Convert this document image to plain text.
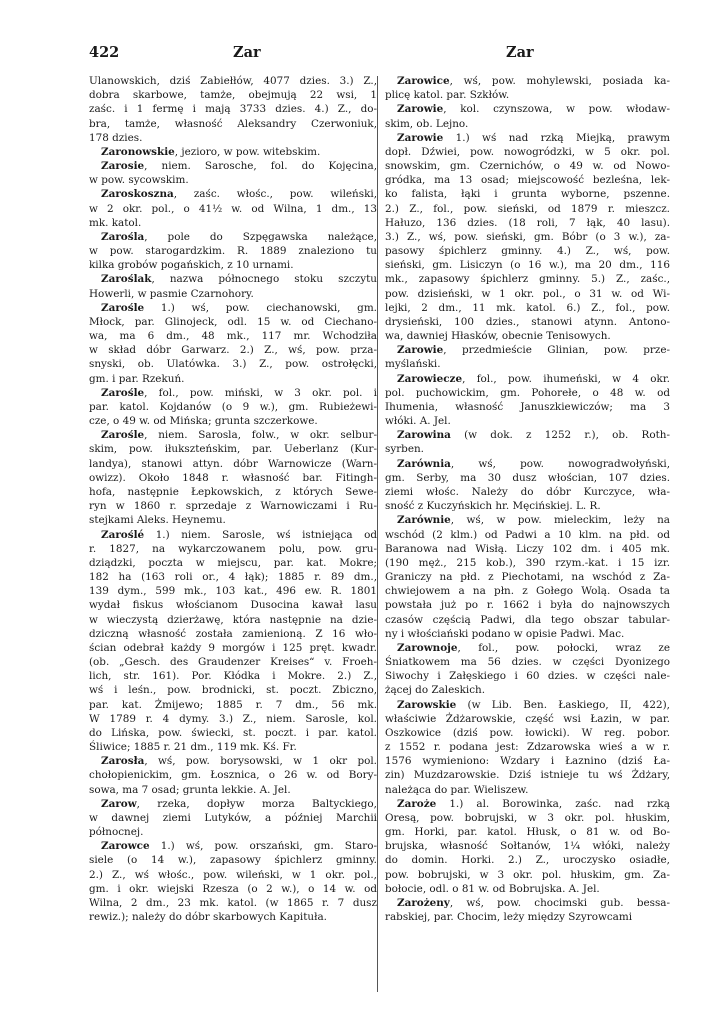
422	Zar	Zar
Ulanowskich, dziś Zabiełłów, 4077 dzies. 3.) Z.,
dobra skarbowe, tamże, obejmują 22 wsi, 1
zaśc. i 1 fermę i mają 3733 dzies. 4.) Z., do-
bra, tamże, własność Aleksandry Czerwoniuk,
178 dzies.
Zaronowskie, jezioro, w pow. witebskim.
Zarosie, niem. Sarosche, fol. do Kojęcina,
w pow. sycowskim.
Zaroskoszna, zaśc. włośc., pow. wileński,
w 2 okr. pol., o 41½ w. od Wilna, 1 dm., 13
mk. katol.
Zarośla, pole do Szpęgawska należące,
w pow. starogardzkim. R. 1889 znaleziono tu
kilka grobów pogańskich, z 10 urnami.
Zaroślak, nazwa północnego stoku szczytu
Howerli, w pasmie Czarnohory.
Zarośle 1.) wś, pow. ciechanowski, gm.
Młock, par. Glinojeck, odl. 15 w. od Ciechano-
wa, ma 6 dm., 48 mk., 117 mr. Wchodziła
w skład dóbr Garwarz. 2.) Z., wś, pow. prza-
snyski, ob. Ulatówka. 3.) Z., pow. ostrołęcki,
gm. i par. Rzekuń.
Zarośle, fol., pow. miński, w 3 okr. pol. i
par. katol. Kojdanów (o 9 w.), gm. Rubieżewi-
cze, o 49 w. od Mińska; grunta szczerkowe.
Zarośle, niem. Sarosla, folw., w okr. selbur-
skim, pow. iłukszteńskim, par. Ueberlanz (Kur-
landya), stanowi attyn. dóbr Warnowicze (Warn-
owizz). Około 1848 r. własność bar. Fitingh-
hofa, następnie Łepkowskich, z których Sewe-
ryn w 1860 r. sprzedaje z Warnowiczami i Ru-
stejkami Aleks. Heynemu.
Zaroślé 1.) niem. Sarosle, wś istniejąca od
r. 1827, na wykarczowanem polu, pow. gru-
dziądzki, poczta w miejscu, par. kat. Mokre;
182 ha (163 roli or., 4 łąk); 1885 r. 89 dm.,
139 dym., 599 mk., 103 kat., 496 ew. R. 1801
wydał fiskus włościanom Dusocina kawał lasu
w wieczystą dzierżawę, która następnie na dzie-
dziczną własność została zamienioną. Z 16 wło-
ścian odebrał każdy 9 morgów i 125 pręt. kwadr.
(ob. „Gesch. des Graudenzer Kreises“ v. Froeh-
lich, str. 161). Por. Kłódka i Mokre. 2.) Z.,
wś i leśn., pow. brodnicki, st. poczt. Zbiczno,
par. kat. Żmijewo; 1885 r. 7 dm., 56 mk.
W 1789 r. 4 dymy. 3.) Z., niem. Sarosle, kol.
do Lińska, pow. świecki, st. poczt. i par. katol.
Śliwice; 1885 r. 21 dm., 119 mk. Kś. Fr.
Zarosła, wś, pow. borysowski, w 1 okr pol.
chołopienickim, gm. Łosznica, o 26 w. od Bory-
sowa, ma 7 osad; grunta lekkie. A. Jel.
Zarow, rzeka, dopływ morza Baltyckiego,
w dawnej ziemi Lutyków, a później Marchii
północnej.
Zarowce 1.) wś, pow. orszański, gm. Staro-
siele (o 14 w.), zapasowy śpichlerz gminny.
2.) Z., wś włośc., pow. wileński, w 1 okr. pol.,
gm. i okr. wiejski Rzesza (o 2 w.), o 14 w. od
Wilna, 2 dm., 23 mk. katol. (w 1865 r. 7 dusz
rewiz.); należy do dóbr skarbowych Kapituła.
Zarowice, wś, pow. mohylewski, posiada ka-
plicę katol. par. Szkłów.
Zarowie, kol. czynszowa, w pow. włodaw-
skim, ob. Lejno.
Zarowie 1.) wś nad rzką Miejką, prawym
dopł. Dźwiei, pow. nowogródzki, w 5 okr. pol.
snowskim, gm. Czernichów, o 49 w. od Nowo-
gródka, ma 13 osad; miejscowość bezleśna, lek-
ko falista, łąki i grunta wyborne, pszenne.
2.) Z., fol., pow. sieński, od 1879 r. mieszcz.
Hałuzo, 136 dzies. (18 roli, 7 łąk, 40 lasu).
3.) Z., wś, pow. sieński, gm. Bóbr (o 3 w.), za-
pasowy śpichlerz gminny. 4.) Z., wś, pow.
sieński, gm. Lisiczyn (o 16 w.), ma 20 dm., 116
mk., zapasowy śpichlerz gminny. 5.) Z., zaśc.,
pow. dzisieński, w 1 okr. pol., o 31 w. od Wi-
lejki, 2 dm., 11 mk. katol. 6.) Z., fol., pow.
drysieński, 100 dzies., stanowi atynn. Antono-
wa, dawniej Hłasków, obecnie Tenisowych.
Zarowie, przedmieście Glinian, pow. prze-
myślański.
Zarowiecze, fol., pow. ihumeński, w 4 okr.
pol. puchowickim, gm. Pohorełe, o 48 w. od
Ihumenia, własność Januszkiewiczów; ma 3
włóki. A. Jel.
Zarowina (w dok. z 1252 r.), ob. Roth-
syrben.
Zarównia, wś, pow. nowogradwołyński,
gm. Serby, ma 30 dusz włościan, 107 dzies.
ziemi włośc. Należy do dóbr Kurczyce, wła-
sność z Kuczyńskich hr. Męcińskiej. L. R.
Zarównie, wś, w pow. mieleckim, leży na
wschód (2 klm.) od Padwi a 10 klm. na płd. od
Baranowa nad Wisłą. Liczy 102 dm. i 405 mk.
(190 męż., 215 kob.), 390 rzym.-kat. i 15 izr.
Graniczy na płd. z Piechotami, na wschód z Za-
chwiejowem a na płn. z Gołego Wolą. Osada ta
powstała już po r. 1662 i była do najnowszych
czasów częścią Padwi, dla tego obszar tabular-
ny i włościański podano w opisie Padwi. Mac.
Zarownoje, fol., pow. połocki, wraz ze
Śniatkowem ma 56 dzies. w części Dyonizego
Siwochy i Załęskiego i 60 dzies. w części nale-
żącej do Zaleskich.
Zarowskie (w Lib. Ben. Łaskiego, II, 422),
właściwie Żdżarowskie, część wsi Łazin, w par.
Oszkowice (dziś pow. łowicki). W reg. pobor.
z 1552 r. podana jest: Zdzarowska wieś a w r.
1576 wymieniono: Wzdary i Łaznino (dziś Ła-
zin) Muzdzarowskie. Dziś istnieje tu wś Żdżary,
należąca do par. Wieliszew.
Zaroże 1.) al. Borowinka, zaśc. nad rzką
Oresą, pow. bobrujski, w 3 okr. pol. hłuskim,
gm. Horki, par. katol. Hłusk, o 81 w. od Bo-
brujska, własność Sołtanów, 1¼ włóki, należy
do domin. Horki. 2.) Z., uroczysko osiadłe,
pow. bobrujski, w 3 okr. pol. hłuskim, gm. Za-
bołocie, odl. o 81 w. od Bobrujska. A. Jel.
Zarożeny, wś, pow. chocimski gub. bessa-
rabskiej, par. Chocim, leży między Szyrowcami
